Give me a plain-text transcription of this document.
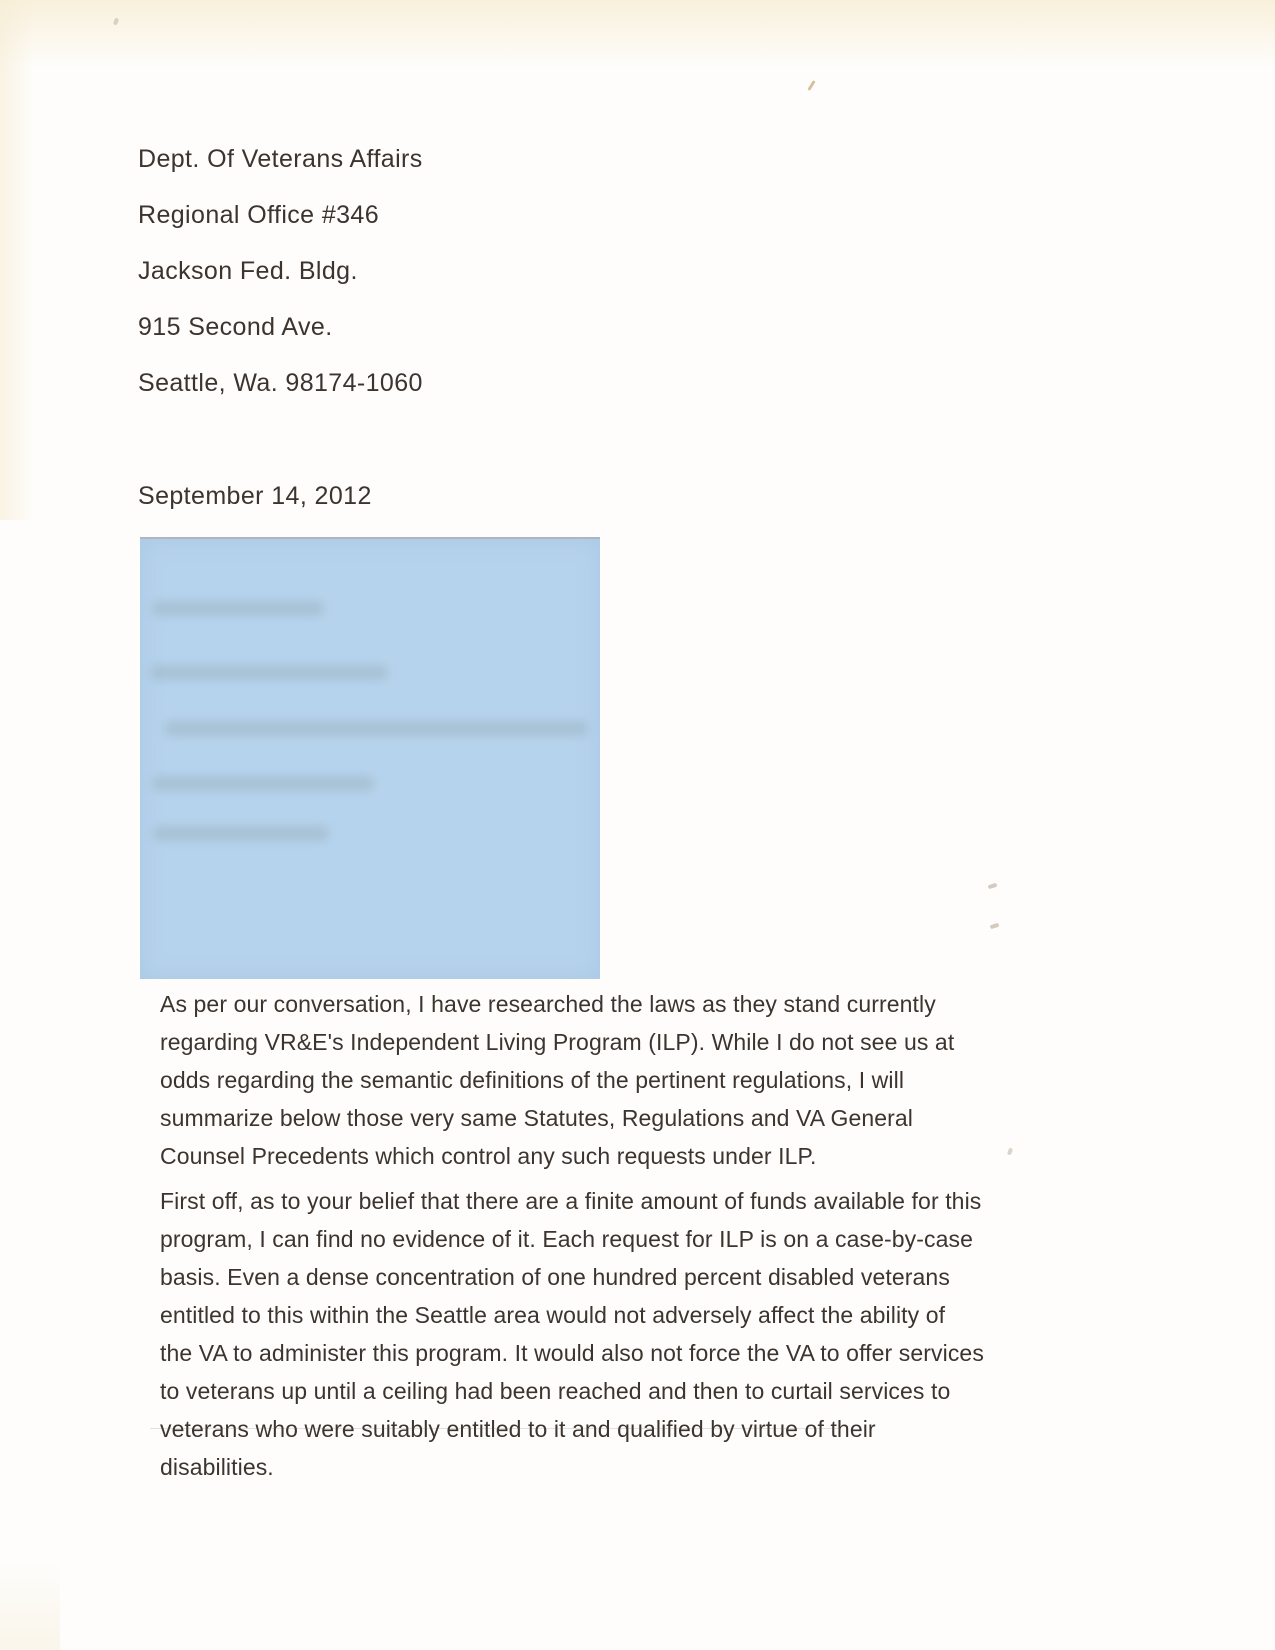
Dept. Of Veterans Affairs
Regional Office #346
Jackson Fed. Bldg.
915 Second Ave.
Seattle, Wa. 98174-1060
September 14, 2012
As per our conversation, I have researched the laws as they stand currently
regarding VR&E's Independent Living Program (ILP). While I do not see us at
odds regarding the semantic definitions of the pertinent regulations, I will
summarize below those very same Statutes, Regulations and VA General
Counsel Precedents which control any such requests under ILP.
First off, as to your belief that there are a finite amount of funds available for this
program, I can find no evidence of it. Each request for ILP is on a case-by-case
basis. Even a dense concentration of one hundred percent disabled veterans
entitled to this within the Seattle area would not adversely affect the ability of
the VA to administer this program. It would also not force the VA to offer services
to veterans up until a ceiling had been reached and then to curtail services to
veterans who were suitably entitled to it and qualified by virtue of their
disabilities.
